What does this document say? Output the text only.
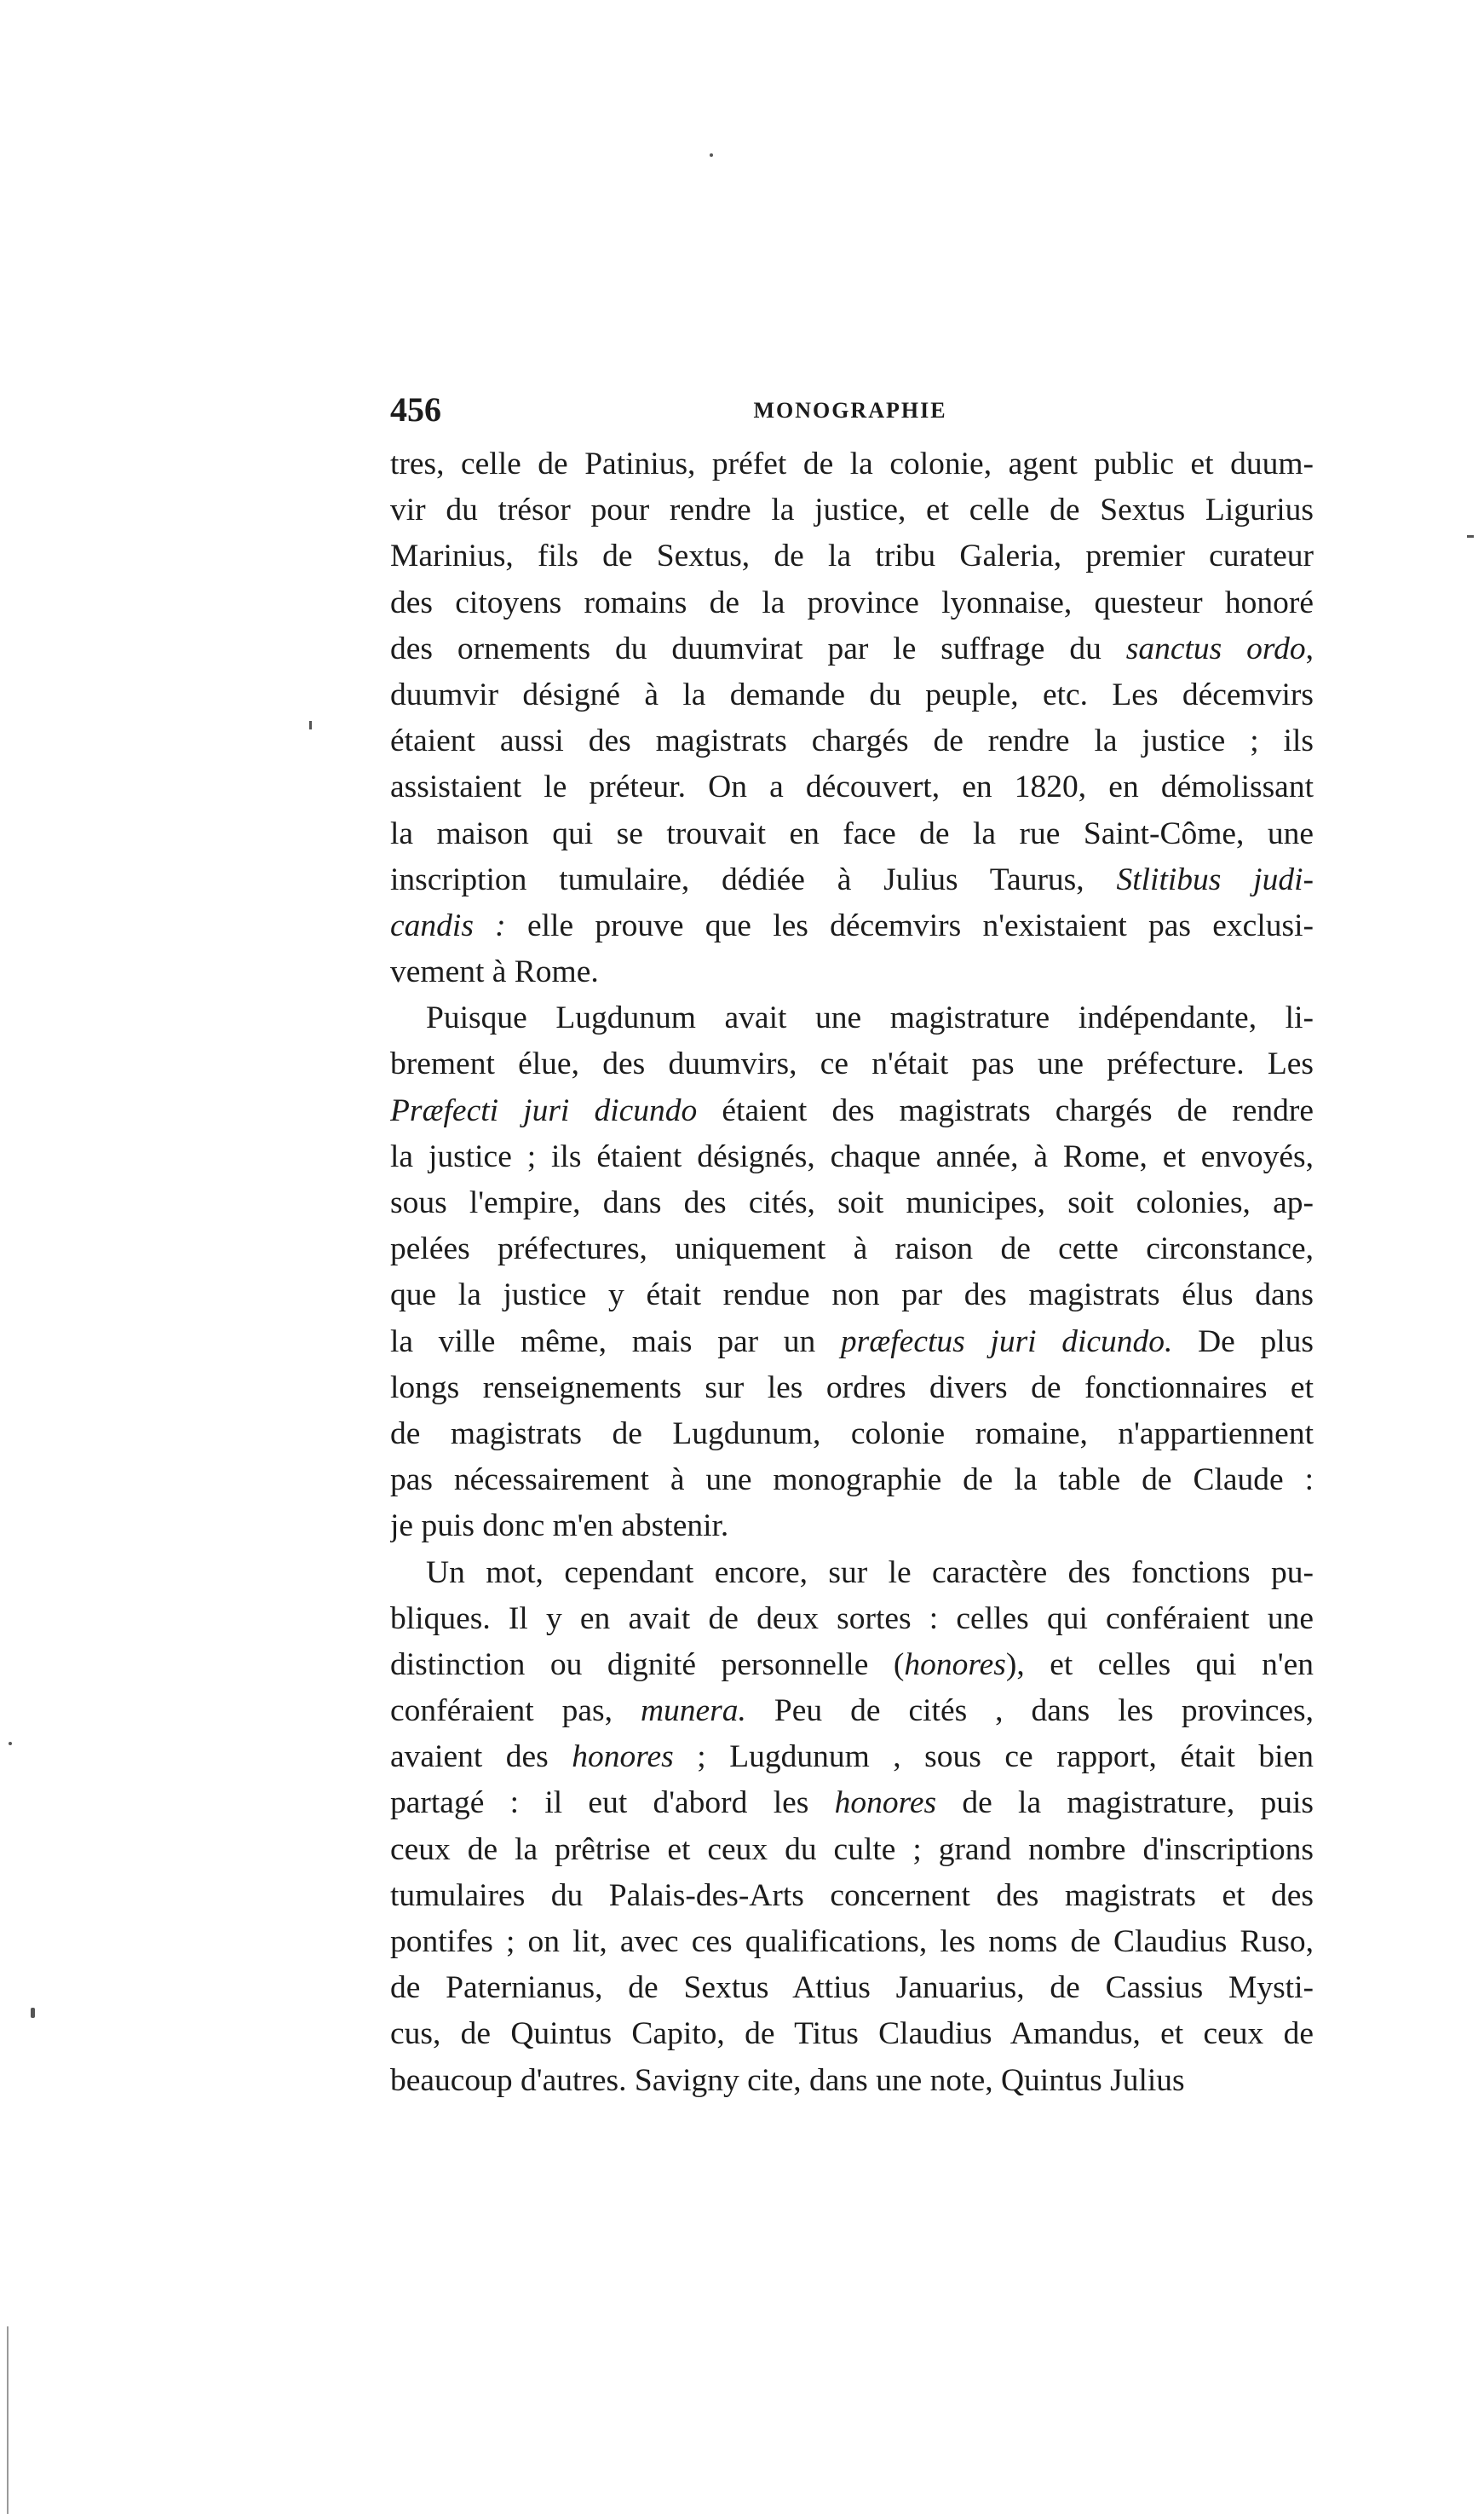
456	MONOGRAPHIE
tres, celle de Patinius, préfet de la colonie, agent public et duum-
vir du trésor pour rendre la justice, et celle de Sextus Ligurius
Marinius, fils de Sextus, de la tribu Galeria, premier curateur
des citoyens romains de la province lyonnaise, questeur honoré
des ornements du duumvirat par le suffrage du sanctus ordo,
duumvir désigné à la demande du peuple, etc. Les décemvirs
étaient aussi des magistrats chargés de rendre la justice ; ils
assistaient le préteur. On a découvert, en 1820, en démolissant
la maison qui se trouvait en face de la rue Saint-Côme, une
inscription tumulaire, dédiée à Julius Taurus, Stlitibus judi-
candis : elle prouve que les décemvirs n'existaient pas exclusi-
vement à Rome.
Puisque Lugdunum avait une magistrature indépendante, li-
brement élue, des duumvirs, ce n'était pas une préfecture. Les
Præfecti juri dicundo étaient des magistrats chargés de rendre
la justice ; ils étaient désignés, chaque année, à Rome, et envoyés,
sous l'empire, dans des cités, soit municipes, soit colonies, ap-
pelées préfectures, uniquement à raison de cette circonstance,
que la justice y était rendue non par des magistrats élus dans
la ville même, mais par un præfectus juri dicundo. De plus
longs renseignements sur les ordres divers de fonctionnaires et
de magistrats de Lugdunum, colonie romaine, n'appartiennent
pas nécessairement à une monographie de la table de Claude :
je puis donc m'en abstenir.
Un mot, cependant encore, sur le caractère des fonctions pu-
bliques. Il y en avait de deux sortes : celles qui conféraient une
distinction ou dignité personnelle (honores), et celles qui n'en
conféraient pas, munera. Peu de cités , dans les provinces,
avaient des honores ; Lugdunum , sous ce rapport, était bien
partagé : il eut d'abord les honores de la magistrature, puis
ceux de la prêtrise et ceux du culte ; grand nombre d'inscriptions
tumulaires du Palais-des-Arts concernent des magistrats et des
pontifes ; on lit, avec ces qualifications, les noms de Claudius Ruso,
de Paternianus, de Sextus Attius Januarius, de Cassius Mysti-
cus, de Quintus Capito, de Titus Claudius Amandus, et ceux de
beaucoup d'autres. Savigny cite, dans une note, Quintus Julius
